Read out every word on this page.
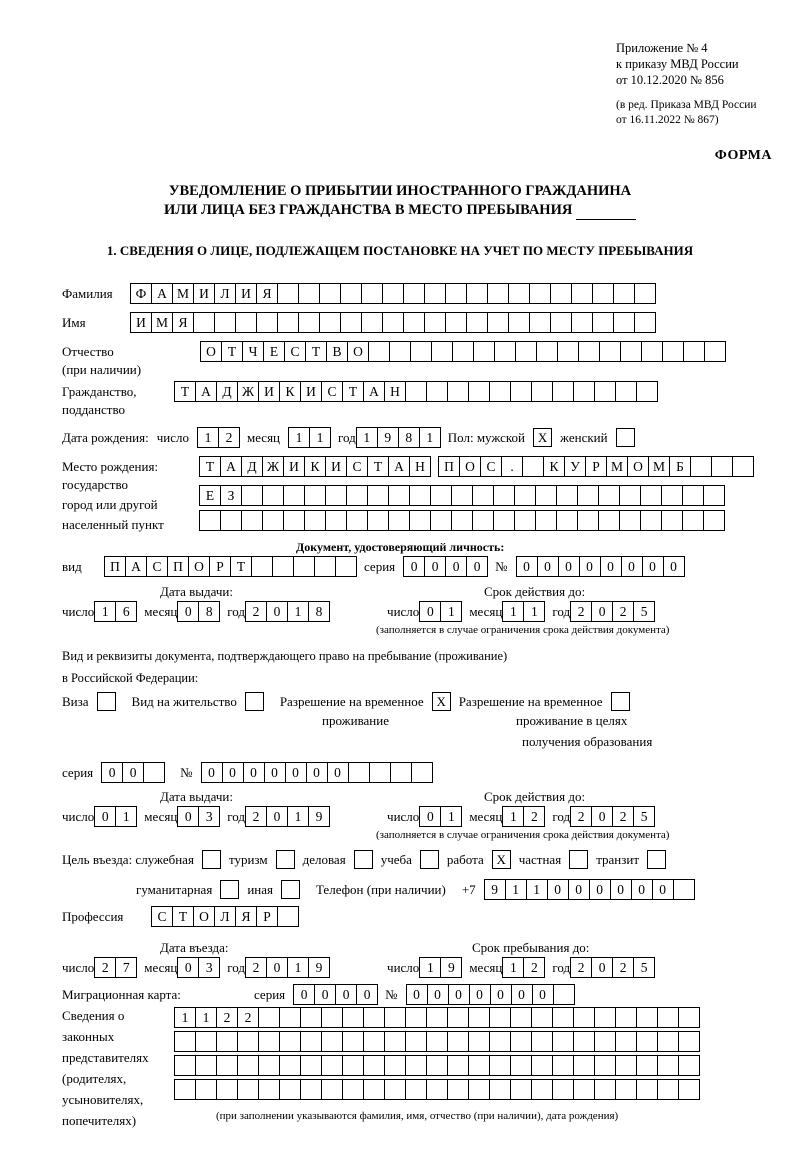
Приложение № 4
к приказу МВД России
от 10.12.2020 № 856
(в ред. Приказа МВД России
от 16.11.2022 № 867)
ФОРМА
УВЕДОМЛЕНИЕ О ПРИБЫТИИ ИНОСТРАННОГО ГРАЖДАНИНА
ИЛИ ЛИЦА БЕЗ ГРАЖДАНСТВА В МЕСТО ПРЕБЫВАНИЯ
1. СВЕДЕНИЯ О ЛИЦЕ, ПОДЛЕЖАЩЕМ ПОСТАНОВКЕ НА УЧЕТ ПО МЕСТУ ПРЕБЫВАНИЯ
Фамилия	Ф А М И Л И Я
Имя	И М Я
Отчество	О Т Ч Е С Т В О
(при наличии)
Гражданство,	Т А Д Ж И К И С Т А Н
подданство
Дата рождения: число	1	2	месяц	1	1	год 1	9	8	1	Пол: мужской Х женский
Место рождения:	Т А Д Ж И К И С Т А Н	П О С	.	К У Р М О М Б
государство
Е З
город или другой
населенный пункт
Документ, удостоверяющий личность:
вид	П А С П О Р Т	серия	0	0	0	0	№	0	0	0	0	0	0	0	0
Дата выдачи:	Срок действия до:
число 1	6	месяц 0	8	год 2	0	1	8	число 0	1	месяц 1	1	год 2	0	2	5
(заполняется в случае ограничения срока действия документа)
Вид и реквизиты документа, подтверждающего право на пребывание (проживание)
в Российской Федерации:
Виза	Вид на жительство	Разрешение на временное Х Разрешение на временное
проживание	проживание в целях
получения образования
серия	0	0	№	0	0	0	0	0	0	0
Дата выдачи:	Срок действия до:
число 0	1	месяц 0	3	год 2	0	1	9	число 0	1	месяц 1	2	год 2	0	2	5
(заполняется в случае ограничения срока действия документа)
Цель въезда: служебная	туризм	деловая	учеба	работа Х частная	транзит
гуманитарная	иная	Телефон (при наличии) +7	9	1	1	0	0	0	0	0	0
Профессия	С Т О Л Я Р
Дата въезда:	Срок пребывания до:
число 2	7	месяц 0	3	год 2	0	1	9	число 1	9	месяц 1	2	год 2	0	2	5
Миграционная карта:	серия	0	0	0	0	№	0	0	0	0	0	0	0
Сведения о
законных
представителях
(родителях,
усыновителях,
попечителях)
1	1	2	2
(при заполнении указываются фамилия, имя, отчество (при наличии), дата рождения)
